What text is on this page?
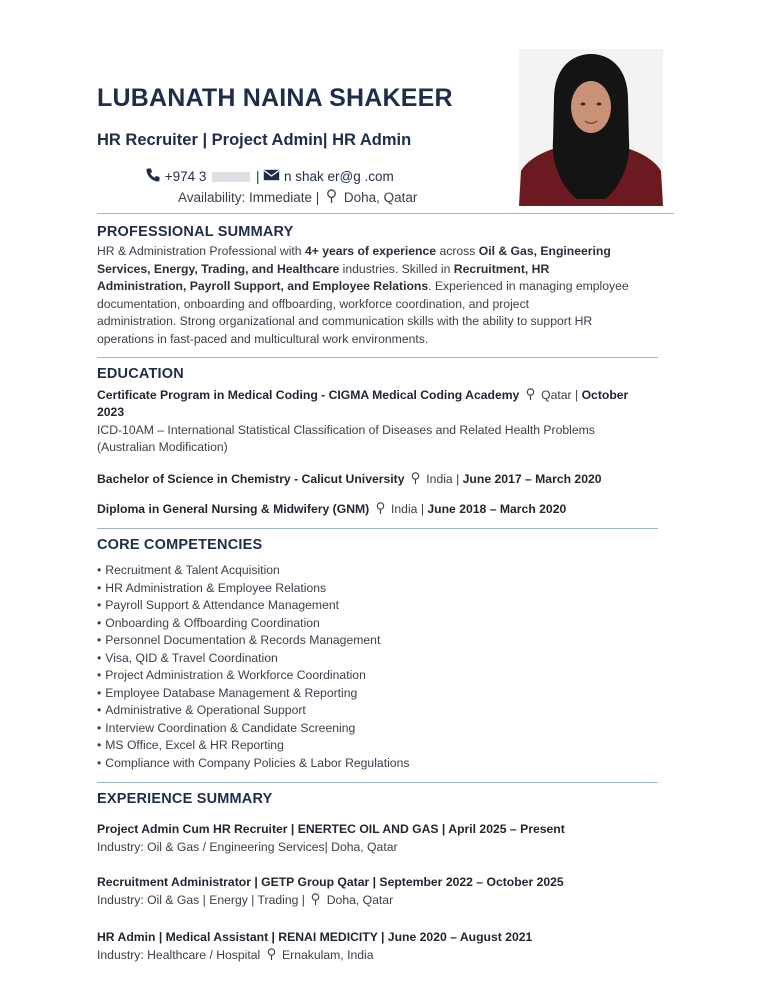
LUBANATH NAINA SHAKEER
HR Recruiter | Project Admin| HR Admin
+974 3	| n shak er@g .com
Availability: Immediate | Doha, Qatar
PROFESSIONAL SUMMARY
HR & Administration Professional with 4+ years of experience across Oil & Gas, Engineering
Services, Energy, Trading, and Healthcare industries. Skilled in Recruitment, HR
Administration, Payroll Support, and Employee Relations. Experienced in managing employee
documentation, onboarding and offboarding, workforce coordination, and project
administration. Strong organizational and communication skills with the ability to support HR
operations in fast-paced and multicultural work environments.
EDUCATION
Certificate Program in Medical Coding - CIGMA Medical Coding Academy Qatar | October
2023
ICD-10AM – International Statistical Classification of Diseases and Related Health Problems
(Australian Modification)
Bachelor of Science in Chemistry - Calicut University India | June 2017 – March 2020
Diploma in General Nursing & Midwifery (GNM) India | June 2018 – March 2020
CORE COMPETENCIES
• Recruitment & Talent Acquisition
• HR Administration & Employee Relations
• Payroll Support & Attendance Management
• Onboarding & Offboarding Coordination
• Personnel Documentation & Records Management
• Visa, QID & Travel Coordination
• Project Administration & Workforce Coordination
• Employee Database Management & Reporting
• Administrative & Operational Support
• Interview Coordination & Candidate Screening
• MS Office, Excel & HR Reporting
• Compliance with Company Policies & Labor Regulations
EXPERIENCE SUMMARY
Project Admin Cum HR Recruiter | ENERTEC OIL AND GAS | April 2025 – Present
Industry: Oil & Gas / Engineering Services| Doha, Qatar
Recruitment Administrator | GETP Group Qatar | September 2022 – October 2025
Industry: Oil & Gas | Energy | Trading | Doha, Qatar
HR Admin | Medical Assistant | RENAI MEDICITY | June 2020 – August 2021
Industry: Healthcare / Hospital Ernakulam, India
